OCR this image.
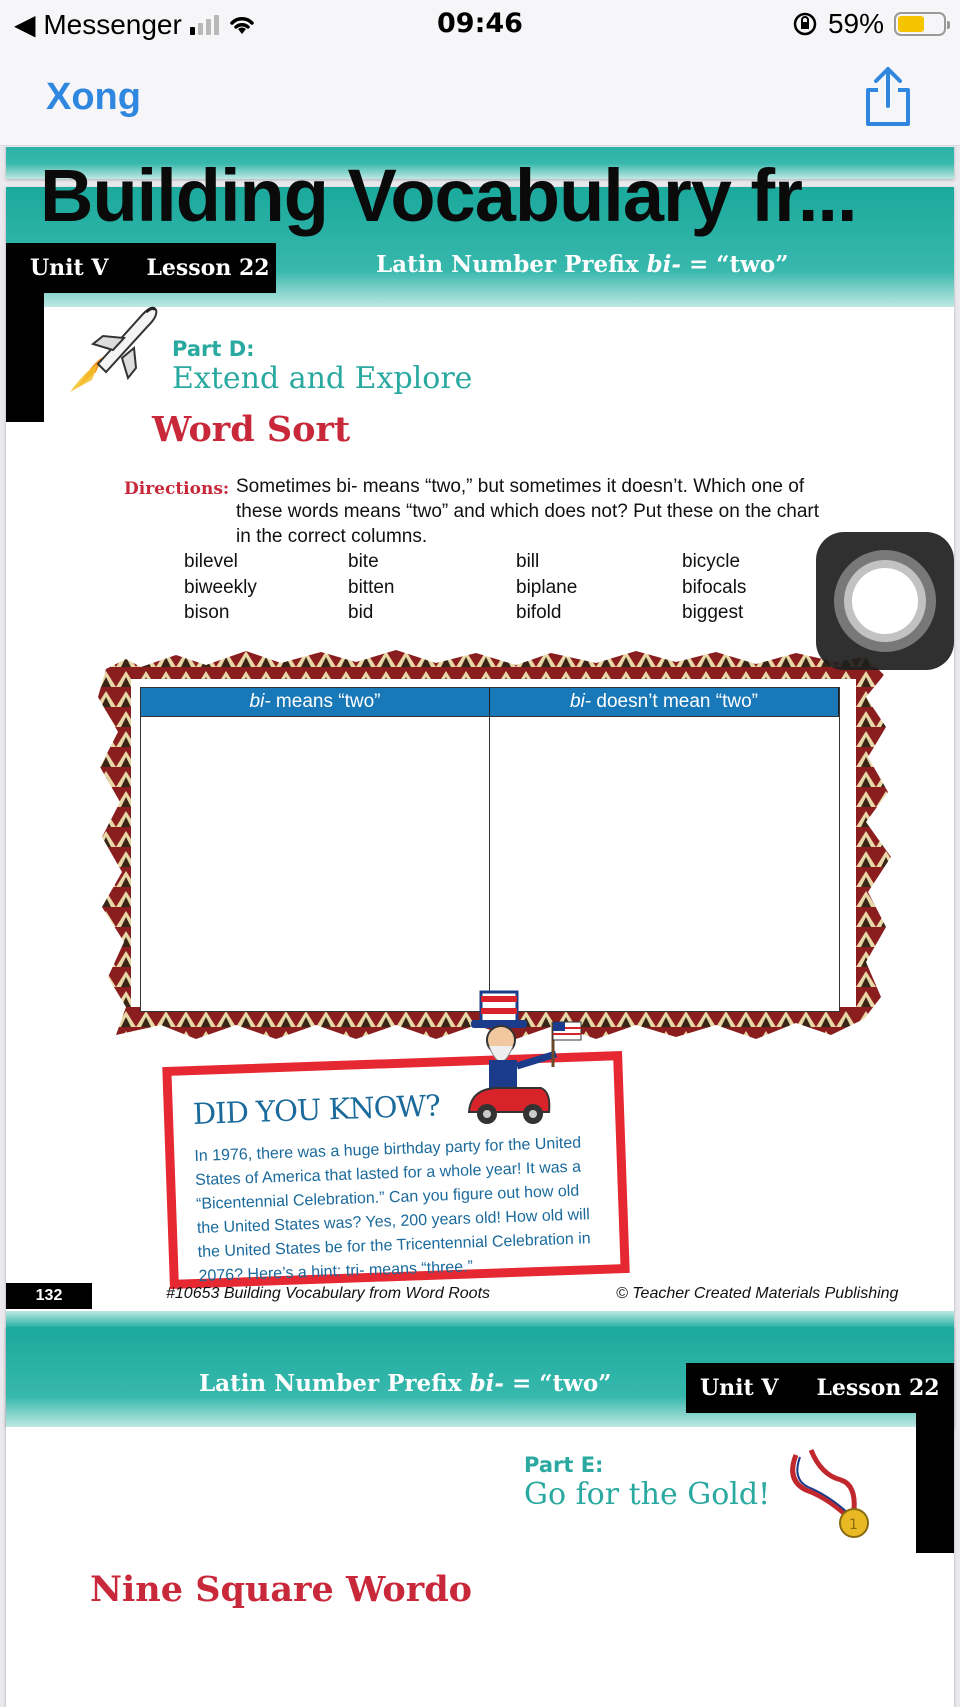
◀ Messenger	09:46	59%
Xong
Unit V Lesson 22	Latin Number Prefix bi- = “two”
Part D:
Extend and Explore
Word Sort
Directions: Sometimes bi- means “two,” but sometimes it doesn’t. Which one of these words means “two” and which does not? Put these on the chart in the correct columns.
bilevel	bite	bill	bicycle
biweekly	bitten	biplane	bifocals
bison	bid	bifold	biggest
bi- means “two”	bi- doesn’t mean “two”
DID YOU KNOW?
In 1976, there was a huge birthday party for the United States of America that lasted for a whole year! It was a “Bicentennial Celebration.” Can you figure out how old the United States was? Yes, 200 years old! How old will the United States be for the Tricentennial Celebration in 2076? Here’s a hint: tri- means “three.”
132	#10653 Building Vocabulary from Word Roots	© Teacher Created Materials Publishing
Latin Number Prefix bi- = “two”	Unit V Lesson 22
Part E:
Go for the Gold!
1
Nine Square Wordo
Building Vocabulary fr...
